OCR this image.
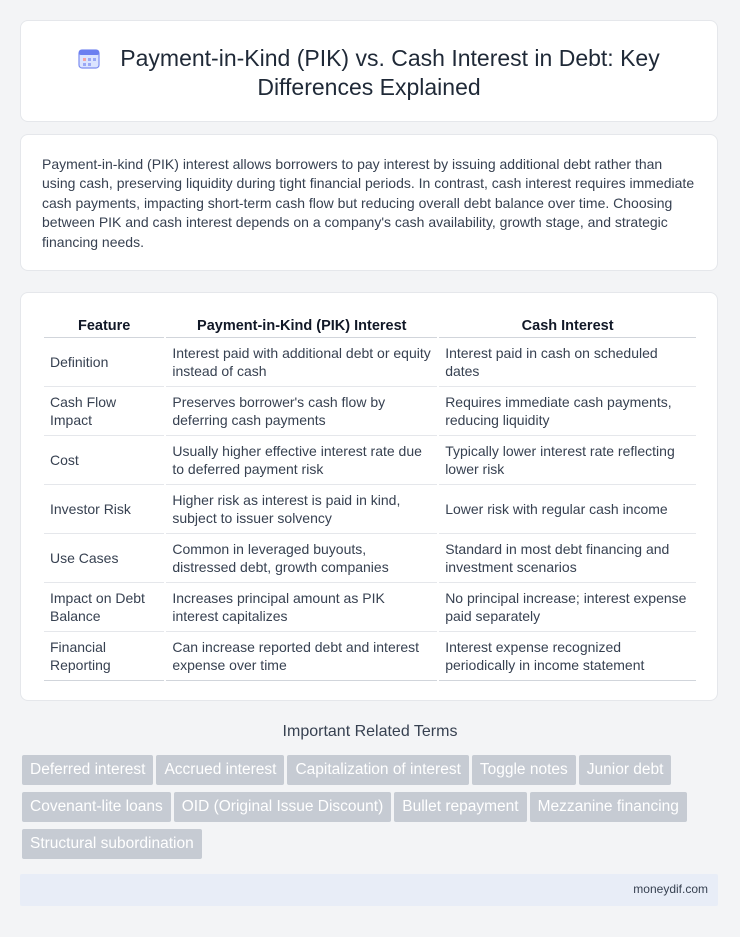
Payment-in-Kind (PIK) vs. Cash Interest in Debt: Key
Differences Explained
Payment-in-kind (PIK) interest allows borrowers to pay interest by issuing additional debt rather than using cash, preserving liquidity during tight financial periods. In contrast, cash interest requires immediate cash payments, impacting short-term cash flow but reducing overall debt balance over time. Choosing between PIK and cash interest depends on a company's cash availability, growth stage, and strategic financing needs.
Feature	Payment-in-Kind (PIK) Interest	Cash Interest
Definition	Interest paid with additional debt or equity instead of cash	Interest paid in cash on scheduled dates
Cash Flow Impact	Preserves borrower's cash flow by deferring cash payments	Requires immediate cash payments, reducing liquidity
Cost	Usually higher effective interest rate due to deferred payment risk	Typically lower interest rate reflecting lower risk
Investor Risk	Higher risk as interest is paid in kind, subject to issuer solvency	Lower risk with regular cash income
Use Cases	Common in leveraged buyouts, distressed debt, growth companies	Standard in most debt financing and investment scenarios
Impact on Debt Balance	Increases principal amount as PIK interest capitalizes	No principal increase; interest expense paid separately
Financial Reporting	Can increase reported debt and interest expense over time	Interest expense recognized periodically in income statement
Important Related Terms
Deferred interest Accrued interest Capitalization of interest Toggle notes Junior debt
Covenant-lite loans OID (Original Issue Discount) Bullet repayment Mezzanine financing
Structural subordination
moneydif.com
